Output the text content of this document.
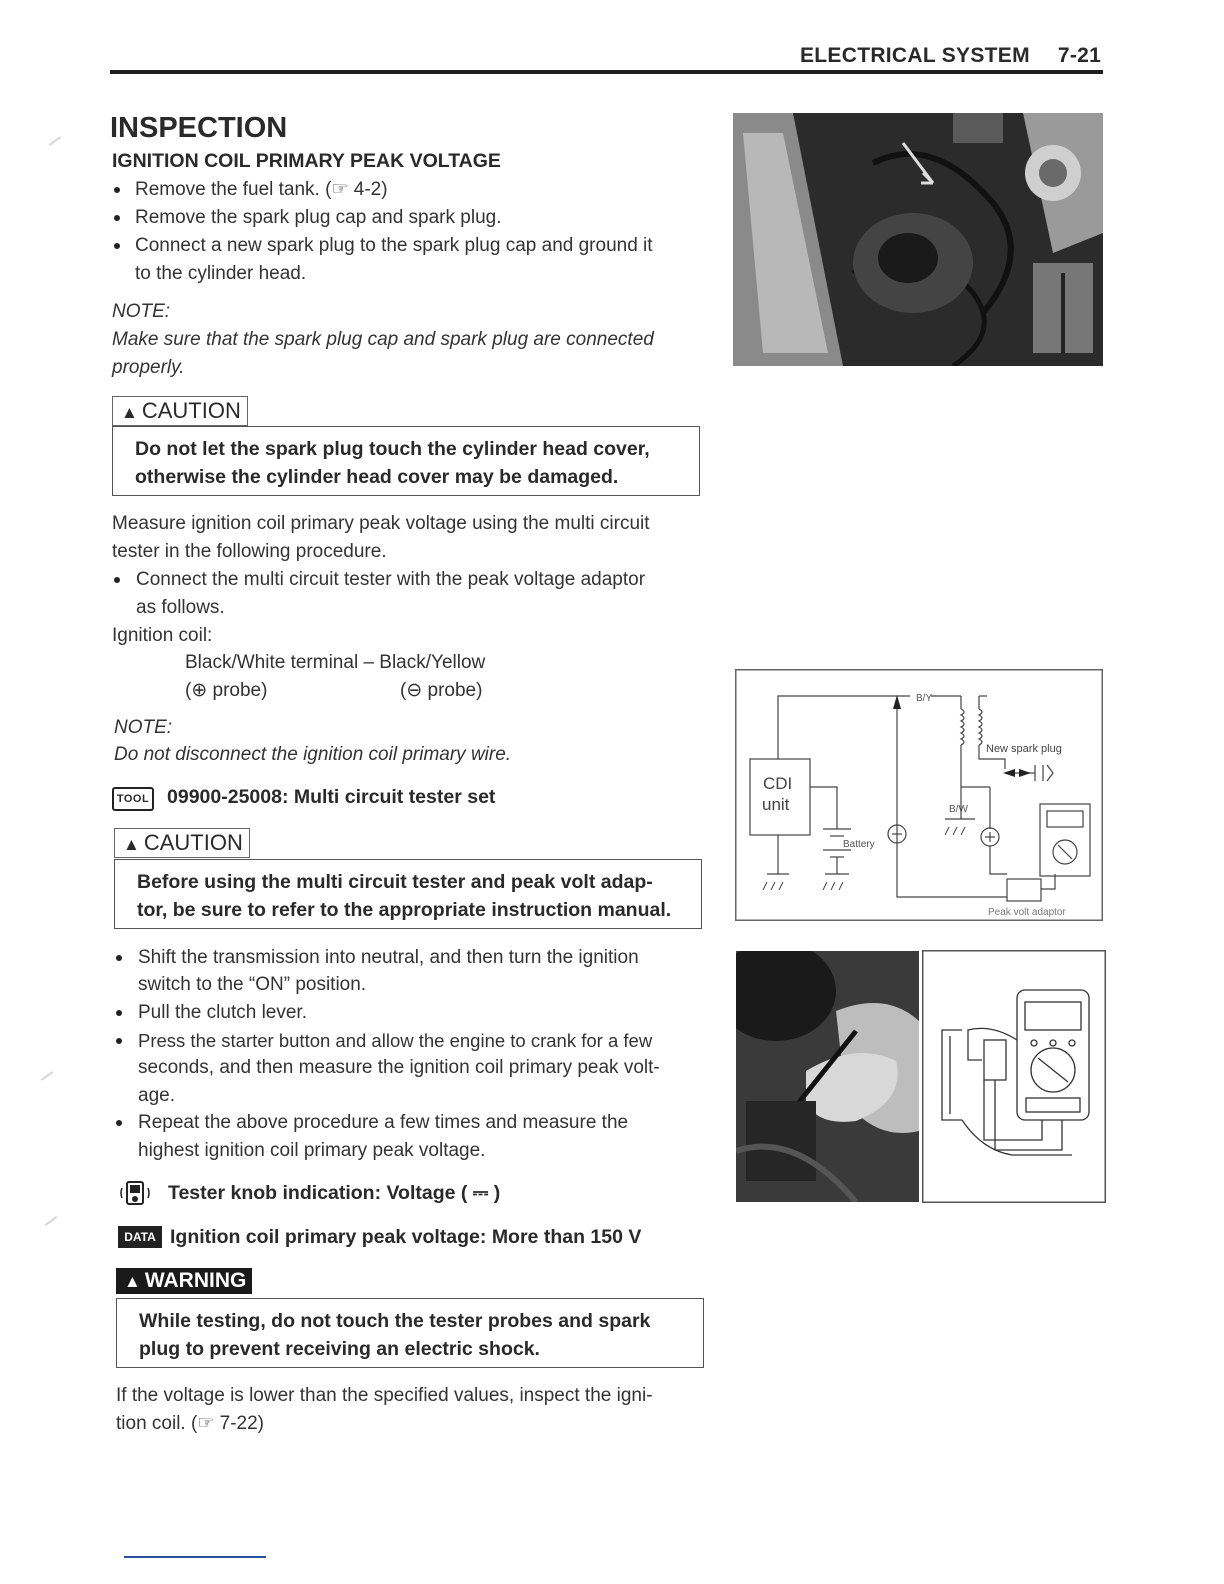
ELECTRICAL SYSTEM 7-21
INSPECTION
IGNITION COIL PRIMARY PEAK VOLTAGE
Remove the fuel tank. (☞ 4-2)
Remove the spark plug cap and spark plug.
Connect a new spark plug to the spark plug cap and ground it
to the cylinder head.
NOTE:
Make sure that the spark plug cap and spark plug are connected
properly.
▲ CAUTION
Do not let the spark plug touch the cylinder head cover,
otherwise the cylinder head cover may be damaged.
Measure ignition coil primary peak voltage using the multi circuit
tester in the following procedure.
Connect the multi circuit tester with the peak voltage adaptor
as follows.
Ignition coil:
Black/White terminal – Black/Yellow
(⊕ probe)	(⊖ probe)
NOTE:
Do not disconnect the ignition coil primary wire.
TOOL 09900-25008: Multi circuit tester set
▲ CAUTION
Before using the multi circuit tester and peak volt adap-
tor, be sure to refer to the appropriate instruction manual.
Shift the transmission into neutral, and then turn the ignition
switch to the “ON” position.
Pull the clutch lever.
Press the starter button and allow the engine to crank for a few
seconds, and then measure the ignition coil primary peak volt-
age.
Repeat the above procedure a few times and measure the
highest ignition coil primary peak voltage.
Tester knob indication: Voltage ( ⎓ )
DATA Ignition coil primary peak voltage: More than 150 V
▲ WARNING
While testing, do not touch the tester probes and spark
plug to prevent receiving an electric shock.
If the voltage is lower than the specified values, inspect the igni-
tion coil. (☞ 7-22)
CDI
unit
B/Y
New spark plug
B/W
Battery
Peak volt adaptor
